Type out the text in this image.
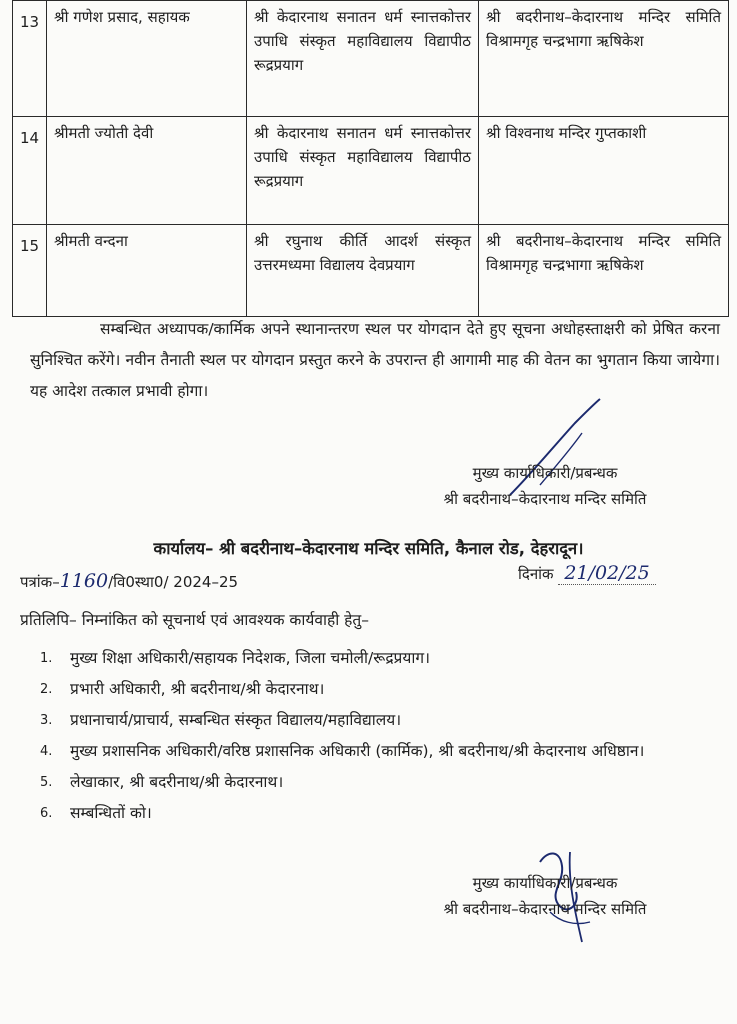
13	श्री गणेश प्रसाद, सहायक	श्री केदारनाथ सनातन धर्म स्नात्तकोत्तर उपाधि संस्कृत महाविद्यालय विद्यापीठ रूद्रप्रयाग	श्री बदरीनाथ–केदारनाथ मन्दिर समिति विश्रामगृह चन्द्रभागा ऋषिकेश
14	श्रीमती ज्योती देवी	श्री केदारनाथ सनातन धर्म स्नात्तकोत्तर उपाधि संस्कृत महाविद्यालय विद्यापीठ रूद्रप्रयाग	श्री विश्वनाथ मन्दिर गुप्तकाशी
15	श्रीमती वन्दना	श्री रघुनाथ कीर्ति आदर्श संस्कृत उत्तरमध्यमा विद्यालय देवप्रयाग	श्री बदरीनाथ–केदारनाथ मन्दिर समिति विश्रामगृह चन्द्रभागा ऋषिकेश

सम्बन्धित अध्यापक/कार्मिक अपने स्थानान्तरण स्थल पर योगदान देते हुए सूचना अधोहस्ताक्षरी को प्रेषित करना सुनिश्चित करेंगे। नवीन तैनाती स्थल पर योगदान प्रस्तुत करने के उपरान्त ही आगामी माह की वेतन का भुगतान किया जायेगा। यह आदेश तत्काल प्रभावी होगा।

मुख्य कार्याधिकारी/प्रबन्धक
श्री बदरीनाथ–केदारनाथ मन्दिर समिति
कार्यालय– श्री बदरीनाथ–केदारनाथ मन्दिर समिति, कैनाल रोड, देहरादून।
पत्रांक–1160/वि0स्था0/ 2024–25	दिनांक 21/02/25
प्रतिलिपि– निम्नांकित को सूचनार्थ एवं आवश्यक कार्यवाही हेतु–
1. मुख्य शिक्षा अधिकारी/सहायक निदेशक, जिला चमोली/रूद्रप्रयाग।
2. प्रभारी अधिकारी, श्री बदरीनाथ/श्री केदारनाथ।
3. प्रधानाचार्य/प्राचार्य, सम्बन्धित संस्कृत विद्यालय/महाविद्यालय।
4. मुख्य प्रशासनिक अधिकारी/वरिष्ठ प्रशासनिक अधिकारी (कार्मिक), श्री बदरीनाथ/श्री केदारनाथ अधिष्ठान।
5. लेखाकार, श्री बदरीनाथ/श्री केदारनाथ।
6. सम्बन्धितों को।
मुख्य कार्याधिकारी/प्रबन्धक
श्री बदरीनाथ–केदारनाथ मन्दिर समिति
